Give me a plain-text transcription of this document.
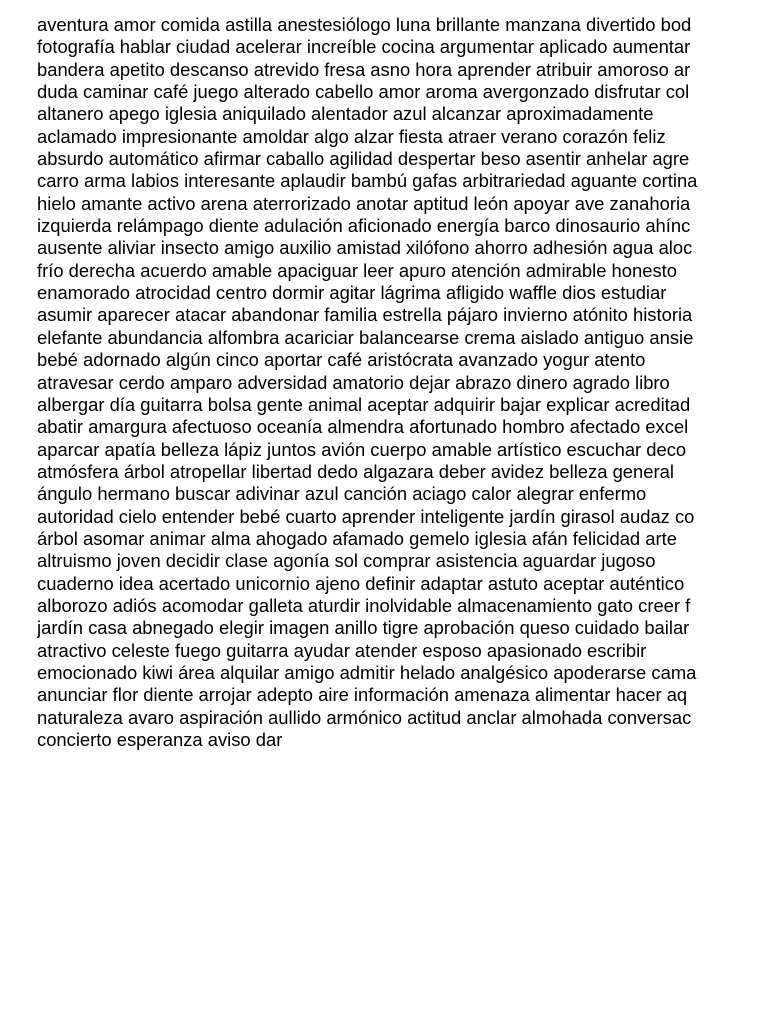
aventura amor comida astilla anestesiólogo luna brillante manzana divertido bod
fotografía hablar ciudad acelerar increíble cocina argumentar aplicado aumentar
bandera apetito descanso atrevido fresa asno hora aprender atribuir amoroso ar
duda caminar café juego alterado cabello amor aroma avergonzado disfrutar col
altanero apego iglesia aniquilado alentador azul alcanzar aproximadamente
aclamado impresionante amoldar algo alzar fiesta atraer verano corazón feliz
absurdo automático afirmar caballo agilidad despertar beso asentir anhelar agre
carro arma labios interesante aplaudir bambú gafas arbitrariedad aguante cortina
hielo amante activo arena aterrorizado anotar aptitud león apoyar ave zanahoria
izquierda relámpago diente adulación aficionado energía barco dinosaurio ahínc
ausente aliviar insecto amigo auxilio amistad xilófono ahorro adhesión agua aloc
frío derecha acuerdo amable apaciguar leer apuro atención admirable honesto
enamorado atrocidad centro dormir agitar lágrima afligido waffle dios estudiar
asumir aparecer atacar abandonar familia estrella pájaro invierno atónito historia
elefante abundancia alfombra acariciar balancearse crema aislado antiguo ansie
bebé adornado algún cinco aportar café aristócrata avanzado yogur atento
atravesar cerdo amparo adversidad amatorio dejar abrazo dinero agrado libro
albergar día guitarra bolsa gente animal aceptar adquirir bajar explicar acreditad
abatir amargura afectuoso oceanía almendra afortunado hombro afectado excel
aparcar apatía belleza lápiz juntos avión cuerpo amable artístico escuchar deco
atmósfera árbol atropellar libertad dedo algazara deber avidez belleza general
ángulo hermano buscar adivinar azul canción aciago calor alegrar enfermo
autoridad cielo entender bebé cuarto aprender inteligente jardín girasol audaz co
árbol asomar animar alma ahogado afamado gemelo iglesia afán felicidad arte
altruismo joven decidir clase agonía sol comprar asistencia aguardar jugoso
cuaderno idea acertado unicornio ajeno definir adaptar astuto aceptar auténtico
alborozo adiós acomodar galleta aturdir inolvidable almacenamiento gato creer f
jardín casa abnegado elegir imagen anillo tigre aprobación queso cuidado bailar
atractivo celeste fuego guitarra ayudar atender esposo apasionado escribir
emocionado kiwi área alquilar amigo admitir helado analgésico apoderarse cama
anunciar flor diente arrojar adepto aire información amenaza alimentar hacer aq
naturaleza avaro aspiración aullido armónico actitud anclar almohada conversac
concierto esperanza aviso dar
